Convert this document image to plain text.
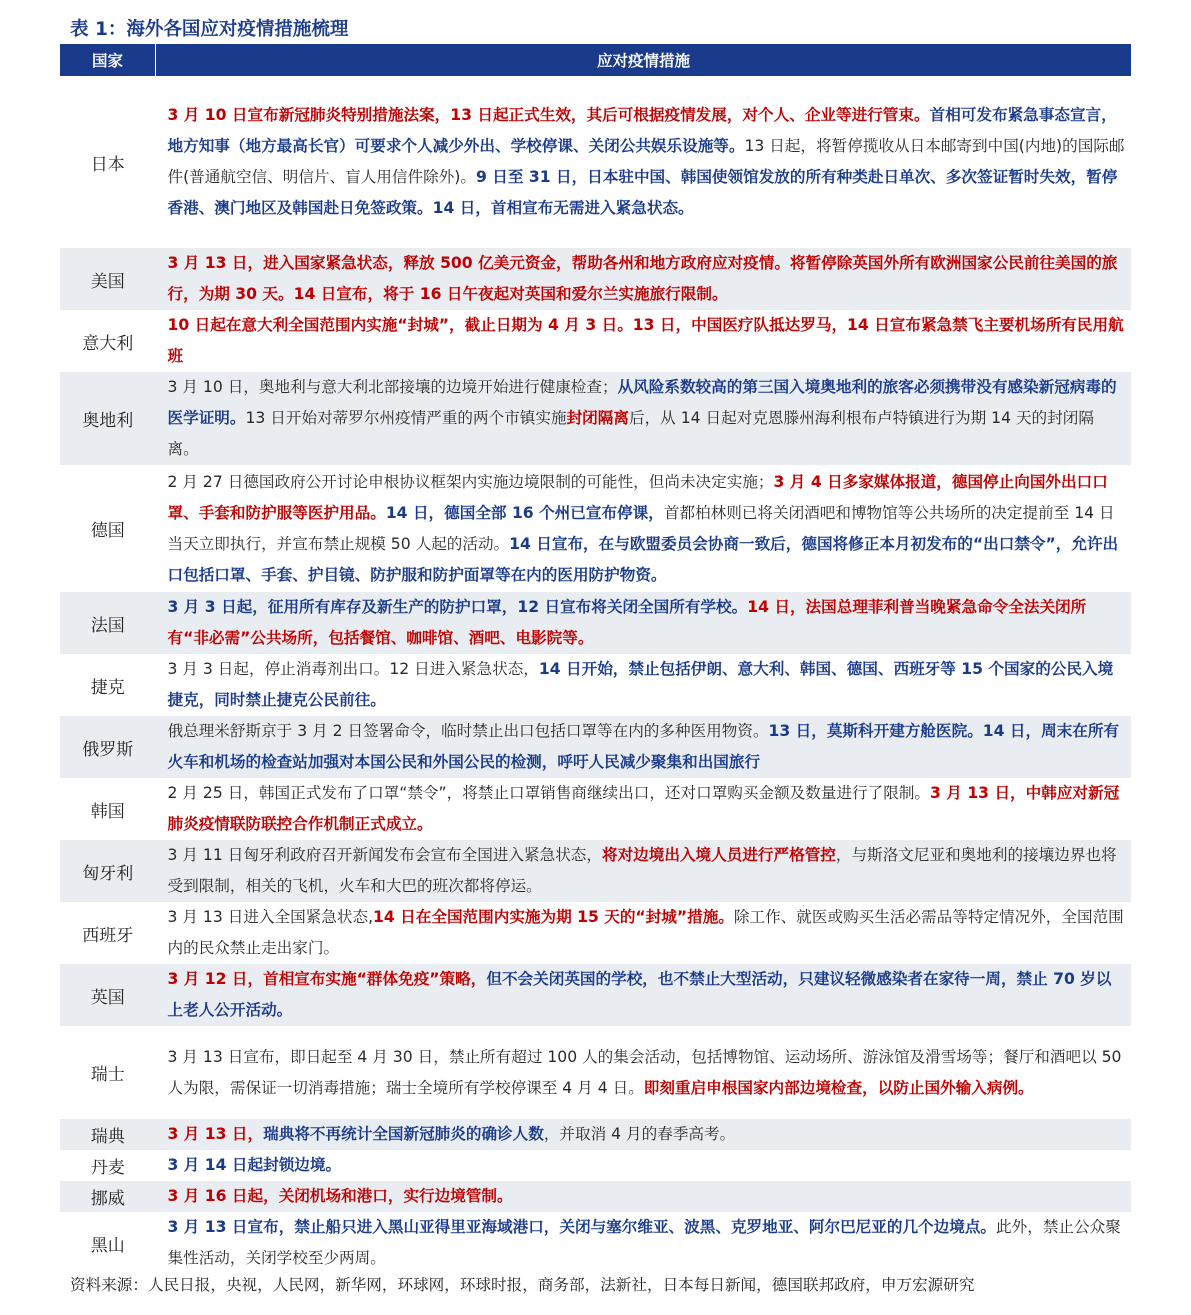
表 1：海外各国应对疫情措施梳理
国家	应对疫情措施
日本	3 月 10 日宣布新冠肺炎特别措施法案，13 日起正式生效，其后可根据疫情发展，对个人、企业等进行管束。首相可发布紧急事态宣言，地方知事（地方最高长官）可要求个人减少外出、学校停课、关闭公共娱乐设施等。13 日起，将暂停揽收从日本邮寄到中国(内地)的国际邮件(普通航空信、明信片、盲人用信件除外)。9 日至 31 日，日本驻中国、韩国使领馆发放的所有种类赴日单次、多次签证暂时失效，暂停香港、澳门地区及韩国赴日免签政策。14 日，首相宣布无需进入紧急状态。

美国	3 月 13 日，进入国家紧急状态，释放 500 亿美元资金，帮助各州和地方政府应对疫情。将暂停除英国外所有欧洲国家公民前往美国的旅行，为期 30 天。14 日宣布，将于 16 日午夜起对英国和爱尔兰实施旅行限制。

意大利	10 日起在意大利全国范围内实施“封城”，截止日期为 4 月 3 日。13 日，中国医疗队抵达罗马，14 日宣布紧急禁飞主要机场所有民用航班

奥地利	3 月 10 日，奥地利与意大利北部接壤的边境开始进行健康检查；从风险系数较高的第三国入境奥地利的旅客必须携带没有感染新冠病毒的医学证明。13 日开始对蒂罗尔州疫情严重的两个市镇实施封闭隔离后，从 14 日起对克恩滕州海利根布卢特镇进行为期 14 天的封闭隔离。

德国	2 月 27 日德国政府公开讨论申根协议框架内实施边境限制的可能性，但尚未决定实施；3 月 4 日多家媒体报道，德国停止向国外出口口罩、手套和防护服等医护用品。14 日，德国全部 16 个州已宣布停课，首都柏林则已将关闭酒吧和博物馆等公共场所的决定提前至 14 日当天立即执行，并宣布禁止规模 50 人起的活动。14 日宣布，在与欧盟委员会协商一致后，德国将修正本月初发布的“出口禁令”，允许出口包括口罩、手套、护目镜、防护服和防护面罩等在内的医用防护物资。

法国	3 月 3 日起，征用所有库存及新生产的防护口罩，12 日宣布将关闭全国所有学校。14 日，法国总理菲利普当晚紧急命令全法关闭所有“非必需”公共场所，包括餐馆、咖啡馆、酒吧、电影院等。

捷克	3 月 3 日起，停止消毒剂出口。12 日进入紧急状态，14 日开始，禁止包括伊朗、意大利、韩国、德国、西班牙等 15 个国家的公民入境捷克，同时禁止捷克公民前往。

俄罗斯	俄总理米舒斯京于 3 月 2 日签署命令，临时禁止出口包括口罩等在内的多种医用物资。13 日，莫斯科开建方舱医院。14 日，周末在所有火车和机场的检查站加强对本国公民和外国公民的检测，呼吁人民减少聚集和出国旅行

韩国	2 月 25 日，韩国正式发布了口罩“禁令”，将禁止口罩销售商继续出口，还对口罩购买金额及数量进行了限制。3 月 13 日，中韩应对新冠肺炎疫情联防联控合作机制正式成立。

匈牙利	3 月 11 日匈牙利政府召开新闻发布会宣布全国进入紧急状态，将对边境出入境人员进行严格管控，与斯洛文尼亚和奥地利的接壤边界也将受到限制，相关的飞机，火车和大巴的班次都将停运。

西班牙	3 月 13 日进入全国紧急状态,14 日在全国范围内实施为期 15 天的“封城”措施。除工作、就医或购买生活必需品等特定情况外，全国范围内的民众禁止走出家门。

英国	3 月 12 日，首相宣布实施“群体免疫”策略，但不会关闭英国的学校，也不禁止大型活动，只建议轻微感染者在家待一周，禁止 70 岁以上老人公开活动。

瑞士	3 月 13 日宣布，即日起至 4 月 30 日，禁止所有超过 100 人的集会活动，包括博物馆、运动场所、游泳馆及滑雪场等；餐厅和酒吧以 50 人为限，需保证一切消毒措施；瑞士全境所有学校停课至 4 月 4 日。即刻重启申根国家内部边境检查，以防止国外输入病例。

瑞典	3 月 13 日，瑞典将不再统计全国新冠肺炎的确诊人数，并取消 4 月的春季高考。

丹麦	3 月 14 日起封锁边境。

挪威	3 月 16 日起，关闭机场和港口，实行边境管制。

黑山	3 月 13 日宣布，禁止船只进入黑山亚得里亚海域港口，关闭与塞尔维亚、波黑、克罗地亚、阿尔巴尼亚的几个边境点。此外，禁止公众聚集性活动，关闭学校至少两周。
资料来源：人民日报，央视，人民网，新华网，环球网，环球时报，商务部，法新社，日本每日新闻，德国联邦政府，申万宏源研究
